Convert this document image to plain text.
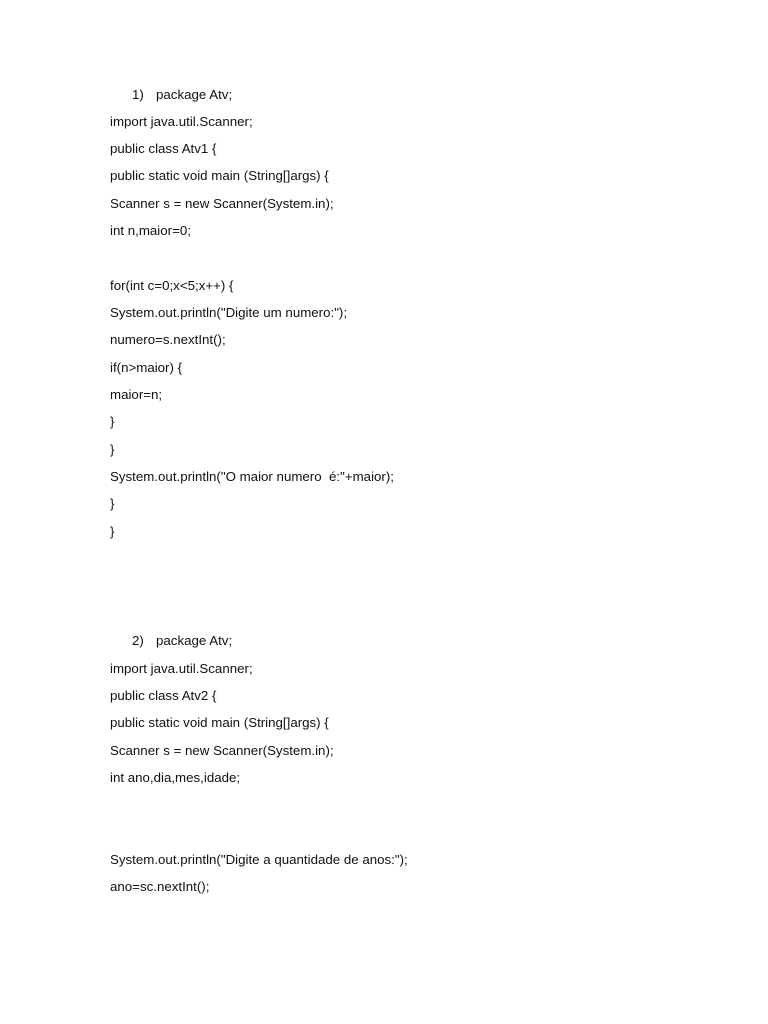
1) package Atv;
import java.util.Scanner;
public class Atv1 {
public static void main (String[]args) {
Scanner s = new Scanner(System.in);
int n,maior=0;
for(int c=0;x<5;x++) {
System.out.println("Digite um numero:");
numero=s.nextInt();
if(n>maior) {
maior=n;
}
}
System.out.println("O maior numero  é:"+maior);
}
}
2) package Atv;
import java.util.Scanner;
public class Atv2 {
public static void main (String[]args) {
Scanner s = new Scanner(System.in);
int ano,dia,mes,idade;
System.out.println("Digite a quantidade de anos:");
ano=sc.nextInt();
